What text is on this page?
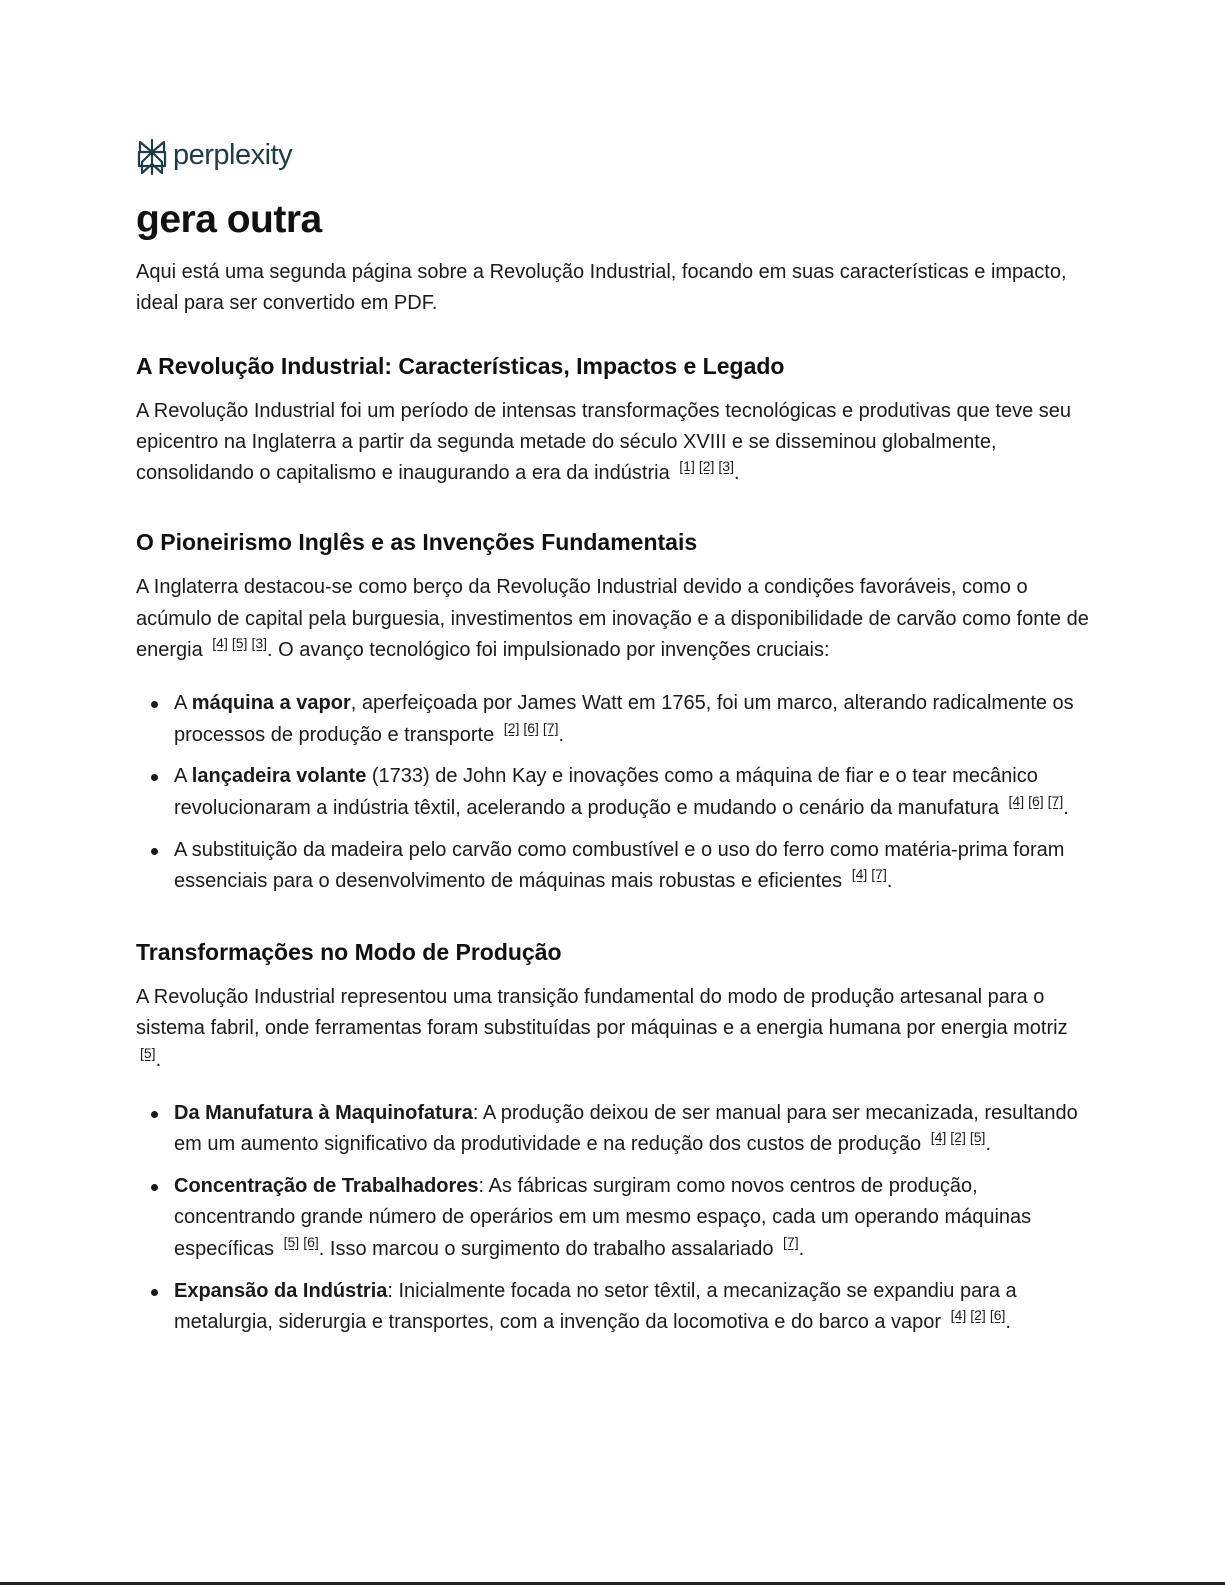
perplexity
gera outra

Aqui está uma segunda página sobre a Revolução Industrial, focando em suas características e impacto, ideal para ser convertido em PDF.

A Revolução Industrial: Características, Impactos e Legado

A Revolução Industrial foi um período de intensas transformações tecnológicas e produtivas que teve seu epicentro na Inglaterra a partir da segunda metade do século XVIII e se disseminou globalmente, consolidando o capitalismo e inaugurando a era da indústria [1] [2] [3].

O Pioneirismo Inglês e as Invenções Fundamentais

A Inglaterra destacou-se como berço da Revolução Industrial devido a condições favoráveis, como o acúmulo de capital pela burguesia, investimentos em inovação e a disponibilidade de carvão como fonte de energia [4] [5] [3]. O avanço tecnológico foi impulsionado por invenções cruciais:

A máquina a vapor, aperfeiçoada por James Watt em 1765, foi um marco, alterando radicalmente os processos de produção e transporte [2] [6] [7].
A lançadeira volante (1733) de John Kay e inovações como a máquina de fiar e o tear mecânico revolucionaram a indústria têxtil, acelerando a produção e mudando o cenário da manufatura [4] [6] [7].
A substituição da madeira pelo carvão como combustível e o uso do ferro como matéria-prima foram essenciais para o desenvolvimento de máquinas mais robustas e eficientes [4] [7].
Transformações no Modo de Produção

A Revolução Industrial representou uma transição fundamental do modo de produção artesanal para o sistema fabril, onde ferramentas foram substituídas por máquinas e a energia humana por energia motriz [5].

Da Manufatura à Maquinofatura: A produção deixou de ser manual para ser mecanizada, resultando em um aumento significativo da produtividade e na redução dos custos de produção [4] [2] [5].
Concentração de Trabalhadores: As fábricas surgiram como novos centros de produção, concentrando grande número de operários em um mesmo espaço, cada um operando máquinas específicas [5] [6]. Isso marcou o surgimento do trabalho assalariado [7].
Expansão da Indústria: Inicialmente focada no setor têxtil, a mecanização se expandiu para a metalurgia, siderurgia e transportes, com a invenção da locomotiva e do barco a vapor [4] [2] [6].
